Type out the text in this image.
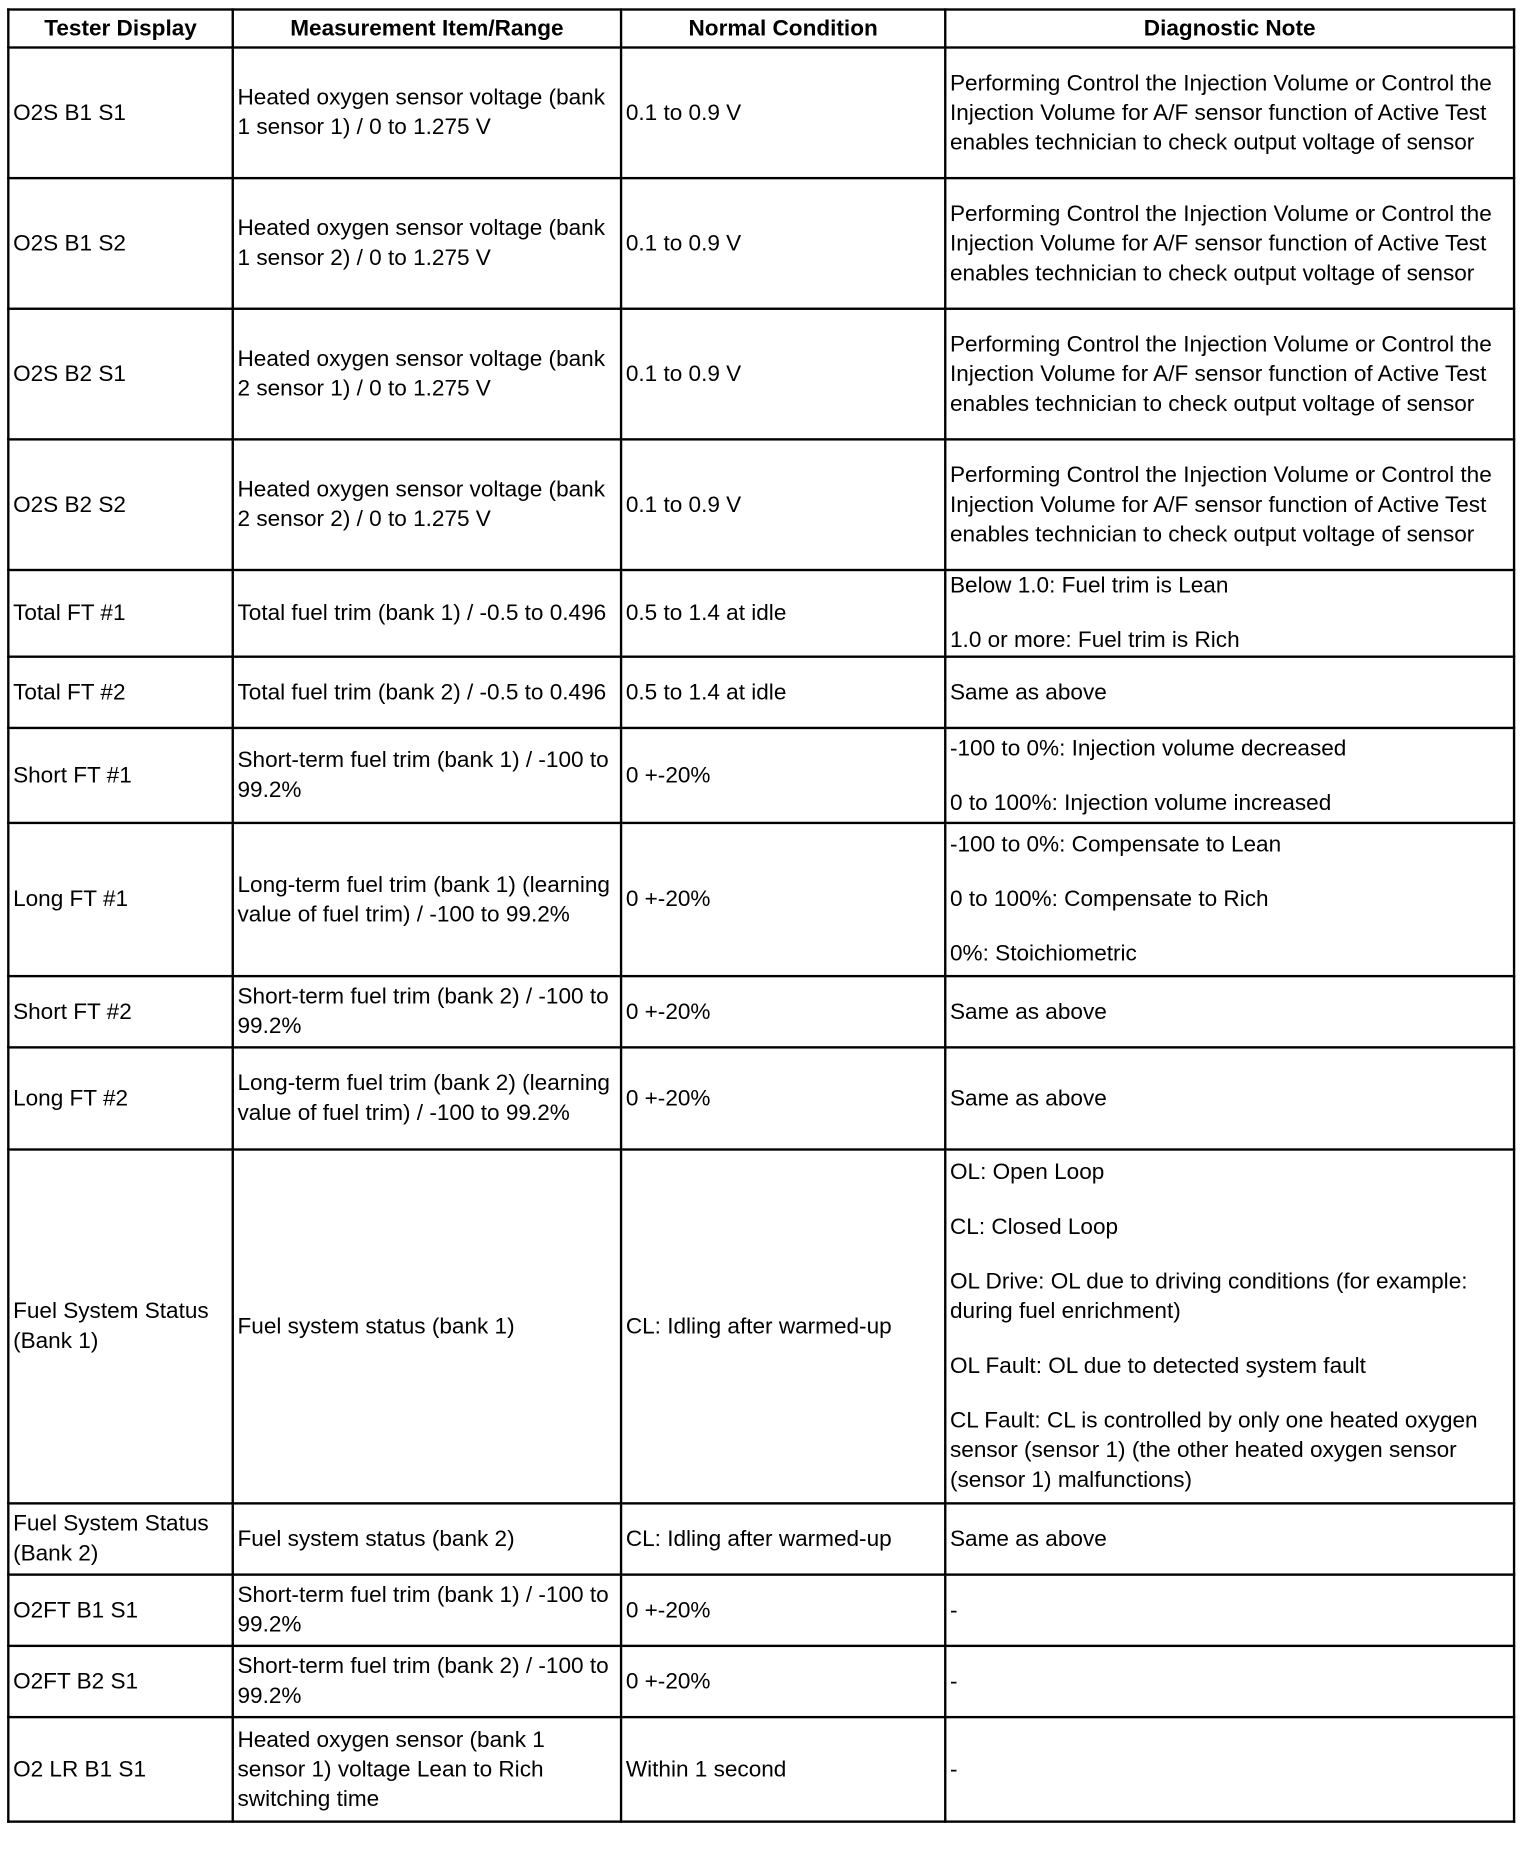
Tester Display	Measurement Item/Range	Normal Condition	Diagnostic Note
O2S B1 S1	Heated oxygen sensor voltage (bank 1 sensor 1) / 0 to 1.275 V	0.1 to 0.9 V	Performing Control the Injection Volume or Control the Injection Volume for A/F sensor function of Active Test enables technician to check output voltage of sensor

O2S B1 S2	Heated oxygen sensor voltage (bank 1 sensor 2) / 0 to 1.275 V	0.1 to 0.9 V	Performing Control the Injection Volume or Control the Injection Volume for A/F sensor function of Active Test enables technician to check output voltage of sensor

O2S B2 S1	Heated oxygen sensor voltage (bank 2 sensor 1) / 0 to 1.275 V	0.1 to 0.9 V	Performing Control the Injection Volume or Control the Injection Volume for A/F sensor function of Active Test enables technician to check output voltage of sensor

O2S B2 S2	Heated oxygen sensor voltage (bank 2 sensor 2) / 0 to 1.275 V	0.1 to 0.9 V	Performing Control the Injection Volume or Control the Injection Volume for A/F sensor function of Active Test enables technician to check output voltage of sensor

Total FT #1	Total fuel trim (bank 1) / -0.5 to 0.496	0.5 to 1.4 at idle	Below 1.0: Fuel trim is Lean
1.0 or more: Fuel trim is Rich

Total FT #2	Total fuel trim (bank 2) / -0.5 to 0.496	0.5 to 1.4 at idle	Same as above

Short FT #1	Short-term fuel trim (bank 1) / -100 to 99.2%	0 +-20%	-100 to 0%: Injection volume decreased
0 to 100%: Injection volume increased

Long FT #1	Long-term fuel trim (bank 1) (learning value of fuel trim) / -100 to 99.2%	0 +-20%	-100 to 0%: Compensate to Lean
0 to 100%: Compensate to Rich
0%: Stoichiometric

Short FT #2	Short-term fuel trim (bank 2) / -100 to 99.2%	0 +-20%	Same as above

Long FT #2	Long-term fuel trim (bank 2) (learning value of fuel trim) / -100 to 99.2%	0 +-20%	Same as above

Fuel System Status (Bank 1)	Fuel system status (bank 1)	CL: Idling after warmed-up	OL: Open Loop
CL: Closed Loop
OL Drive: OL due to driving conditions (for example: during fuel enrichment)
OL Fault: OL due to detected system fault
CL Fault: CL is controlled by only one heated oxygen sensor (sensor 1) (the other heated oxygen sensor (sensor 1) malfunctions)

Fuel System Status (Bank 2)	Fuel system status (bank 2)	CL: Idling after warmed-up	Same as above

O2FT B1 S1	Short-term fuel trim (bank 1) / -100 to 99.2%	0 +-20%	-

O2FT B2 S1	Short-term fuel trim (bank 2) / -100 to 99.2%	0 +-20%	-

O2 LR B1 S1	Heated oxygen sensor (bank 1 sensor 1) voltage Lean to Rich switching time	Within 1 second	-
